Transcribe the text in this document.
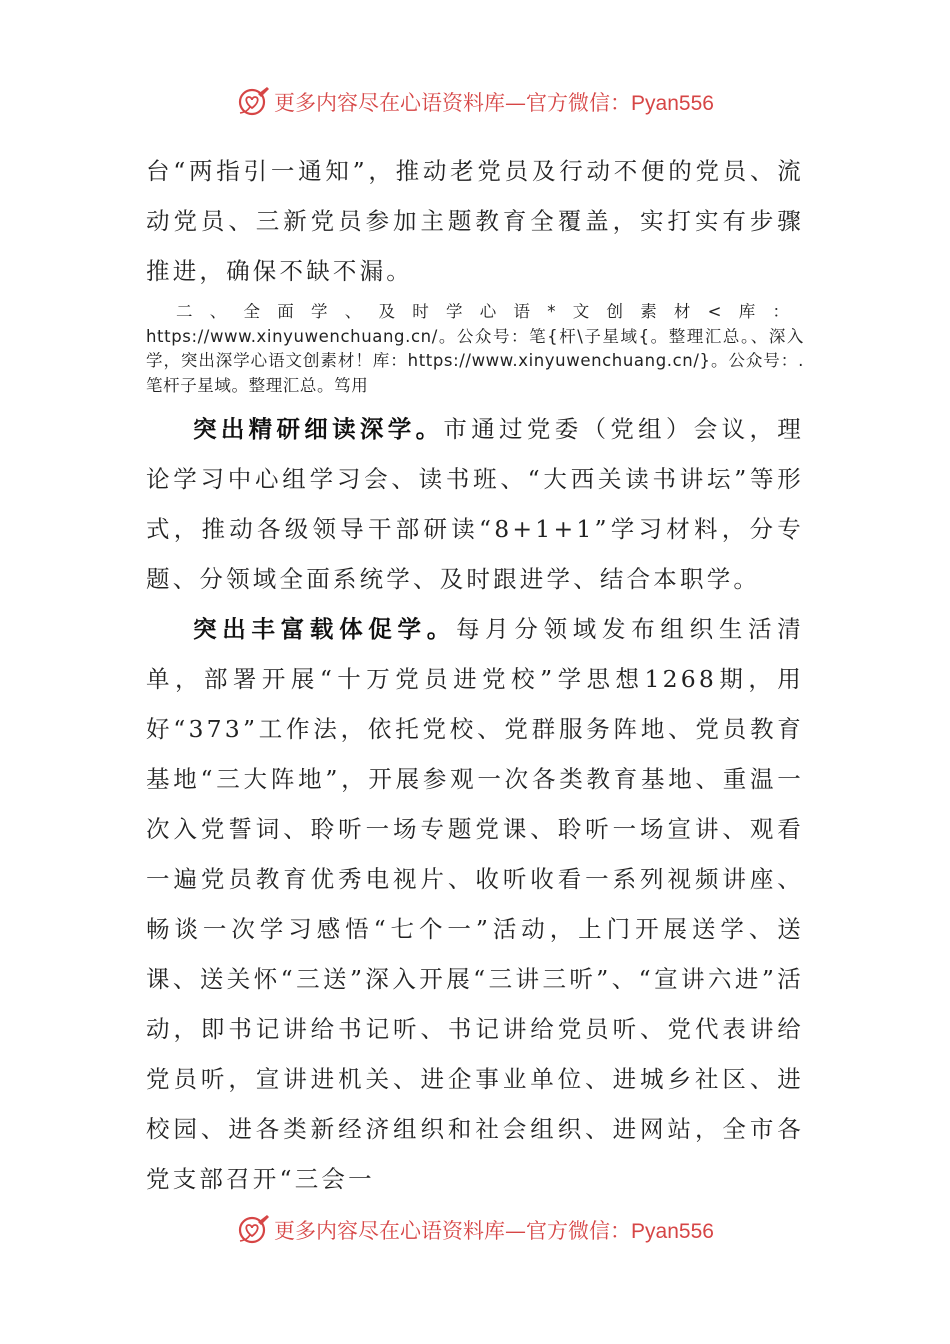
更多内容尽在心语资料库—官方微信：Pyan556

台“两指引一通知”，推动老党员及行动不便的党员、流动党员、三新党员参加主题教育全覆盖，实打实有步骤推进，确保不缺不漏。

二、全面学、及时学心语*文创素材<库：https://www.xinyuwenchuang.cn/。公众号：笔{杆\子星域{。整理汇总。、深入学，突出深学心语文创素材！库：https://www.xinyuwenchuang.cn/}。公众号：.笔杆子星域。整理汇总。笃用

突出精研细读深学。市通过党委（党组）会议，理论学习中心组学习会、读书班、“大西关读书讲坛”等形式，推动各级领导干部研读“8+1+1”学习材料，分专题、分领域全面系统学、及时跟进学、结合本职学。

突出丰富载体促学。每月分领域发布组织生活清单，部署开展“十万党员进党校”学思想1268期，用好“373”工作法，依托党校、党群服务阵地、党员教育基地“三大阵地”，开展参观一次各类教育基地、重温一次入党誓词、聆听一场专题党课、聆听一场宣讲、观看一遍党员教育优秀电视片、收听收看一系列视频讲座、畅谈一次学习感悟“七个一”活动，上门开展送学、送课、送关怀“三送”深入开展“三讲三听”、“宣讲六进”活动，即书记讲给书记听、书记讲给党员听、党代表讲给党员听，宣讲进机关、进企事业单位、进城乡社区、进校园、进各类新经济组织和社会组织、进网站，全市各党支部召开“三会一

更多内容尽在心语资料库—官方微信：Pyan556
